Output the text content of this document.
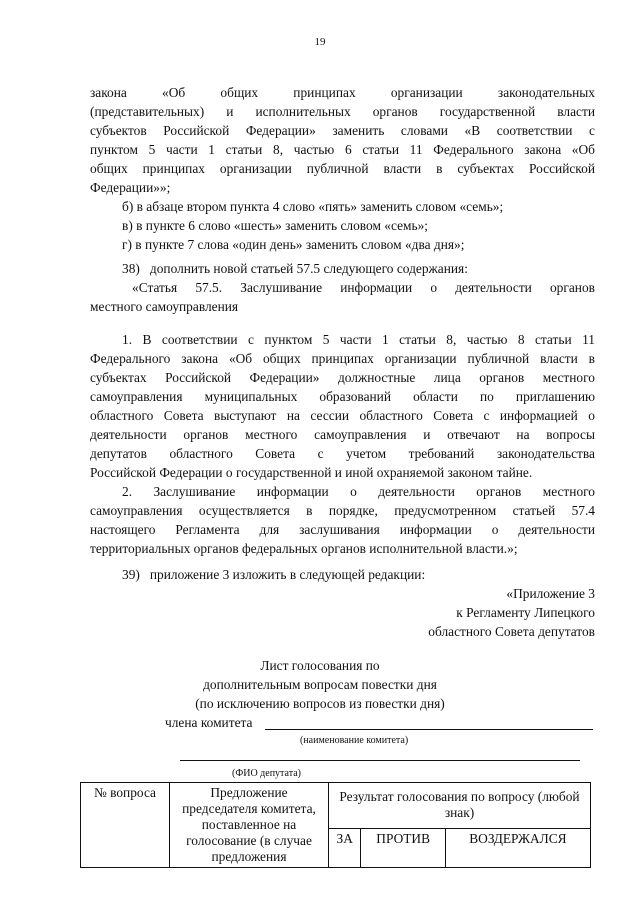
19
закона «Об общих принципах организации законодательных
(представительных) и исполнительных органов государственной власти
субъектов Российской Федерации» заменить словами «В соответствии с
пунктом 5 части 1 статьи 8, частью 6 статьи 11 Федерального закона «Об
общих принципах организации публичной власти в субъектах Российской
Федерации»»;
б) в абзаце втором пункта 4 слово «пять» заменить словом «семь»;
в) в пункте 6 слово «шесть» заменить словом «семь»;
г) в пункте 7 слова «один день» заменить словом «два дня»;
38)   дополнить новой статьей 57.5 следующего содержания:
«Статья 57.5. Заслушивание информации о деятельности органов
местного самоуправления
1. В соответствии с пунктом 5 части 1 статьи 8, частью 8 статьи 11
Федерального закона «Об общих принципах организации публичной власти в
субъектах Российской Федерации» должностные лица органов местного
самоуправления муниципальных образований области по приглашению
областного Совета выступают на сессии областного Совета с информацией о
деятельности органов местного самоуправления и отвечают на вопросы
депутатов областного Совета с учетом требований законодательства
Российской Федерации о государственной и иной охраняемой законом тайне.
2. Заслушивание информации о деятельности органов местного
самоуправления осуществляется в порядке, предусмотренном статьей 57.4
настоящего Регламента для заслушивания информации о деятельности
территориальных органов федеральных органов исполнительной власти.»;
39)   приложение 3 изложить в следующей редакции:
«Приложение 3
к Регламенту Липецкого
областного Совета депутатов
Лист голосования по
дополнительным вопросам повестки дня
(по исключению вопросов из повестки дня)
члена комитета
(наименование комитета)
(ФИО депутата)
№ вопроса	Предложение председателя комитета, поставленное на голосование (в случае предложения	Результат голосования по вопросу (любой знак)		
		ЗА	ПРОТИВ	ВОЗДЕРЖАЛСЯ
